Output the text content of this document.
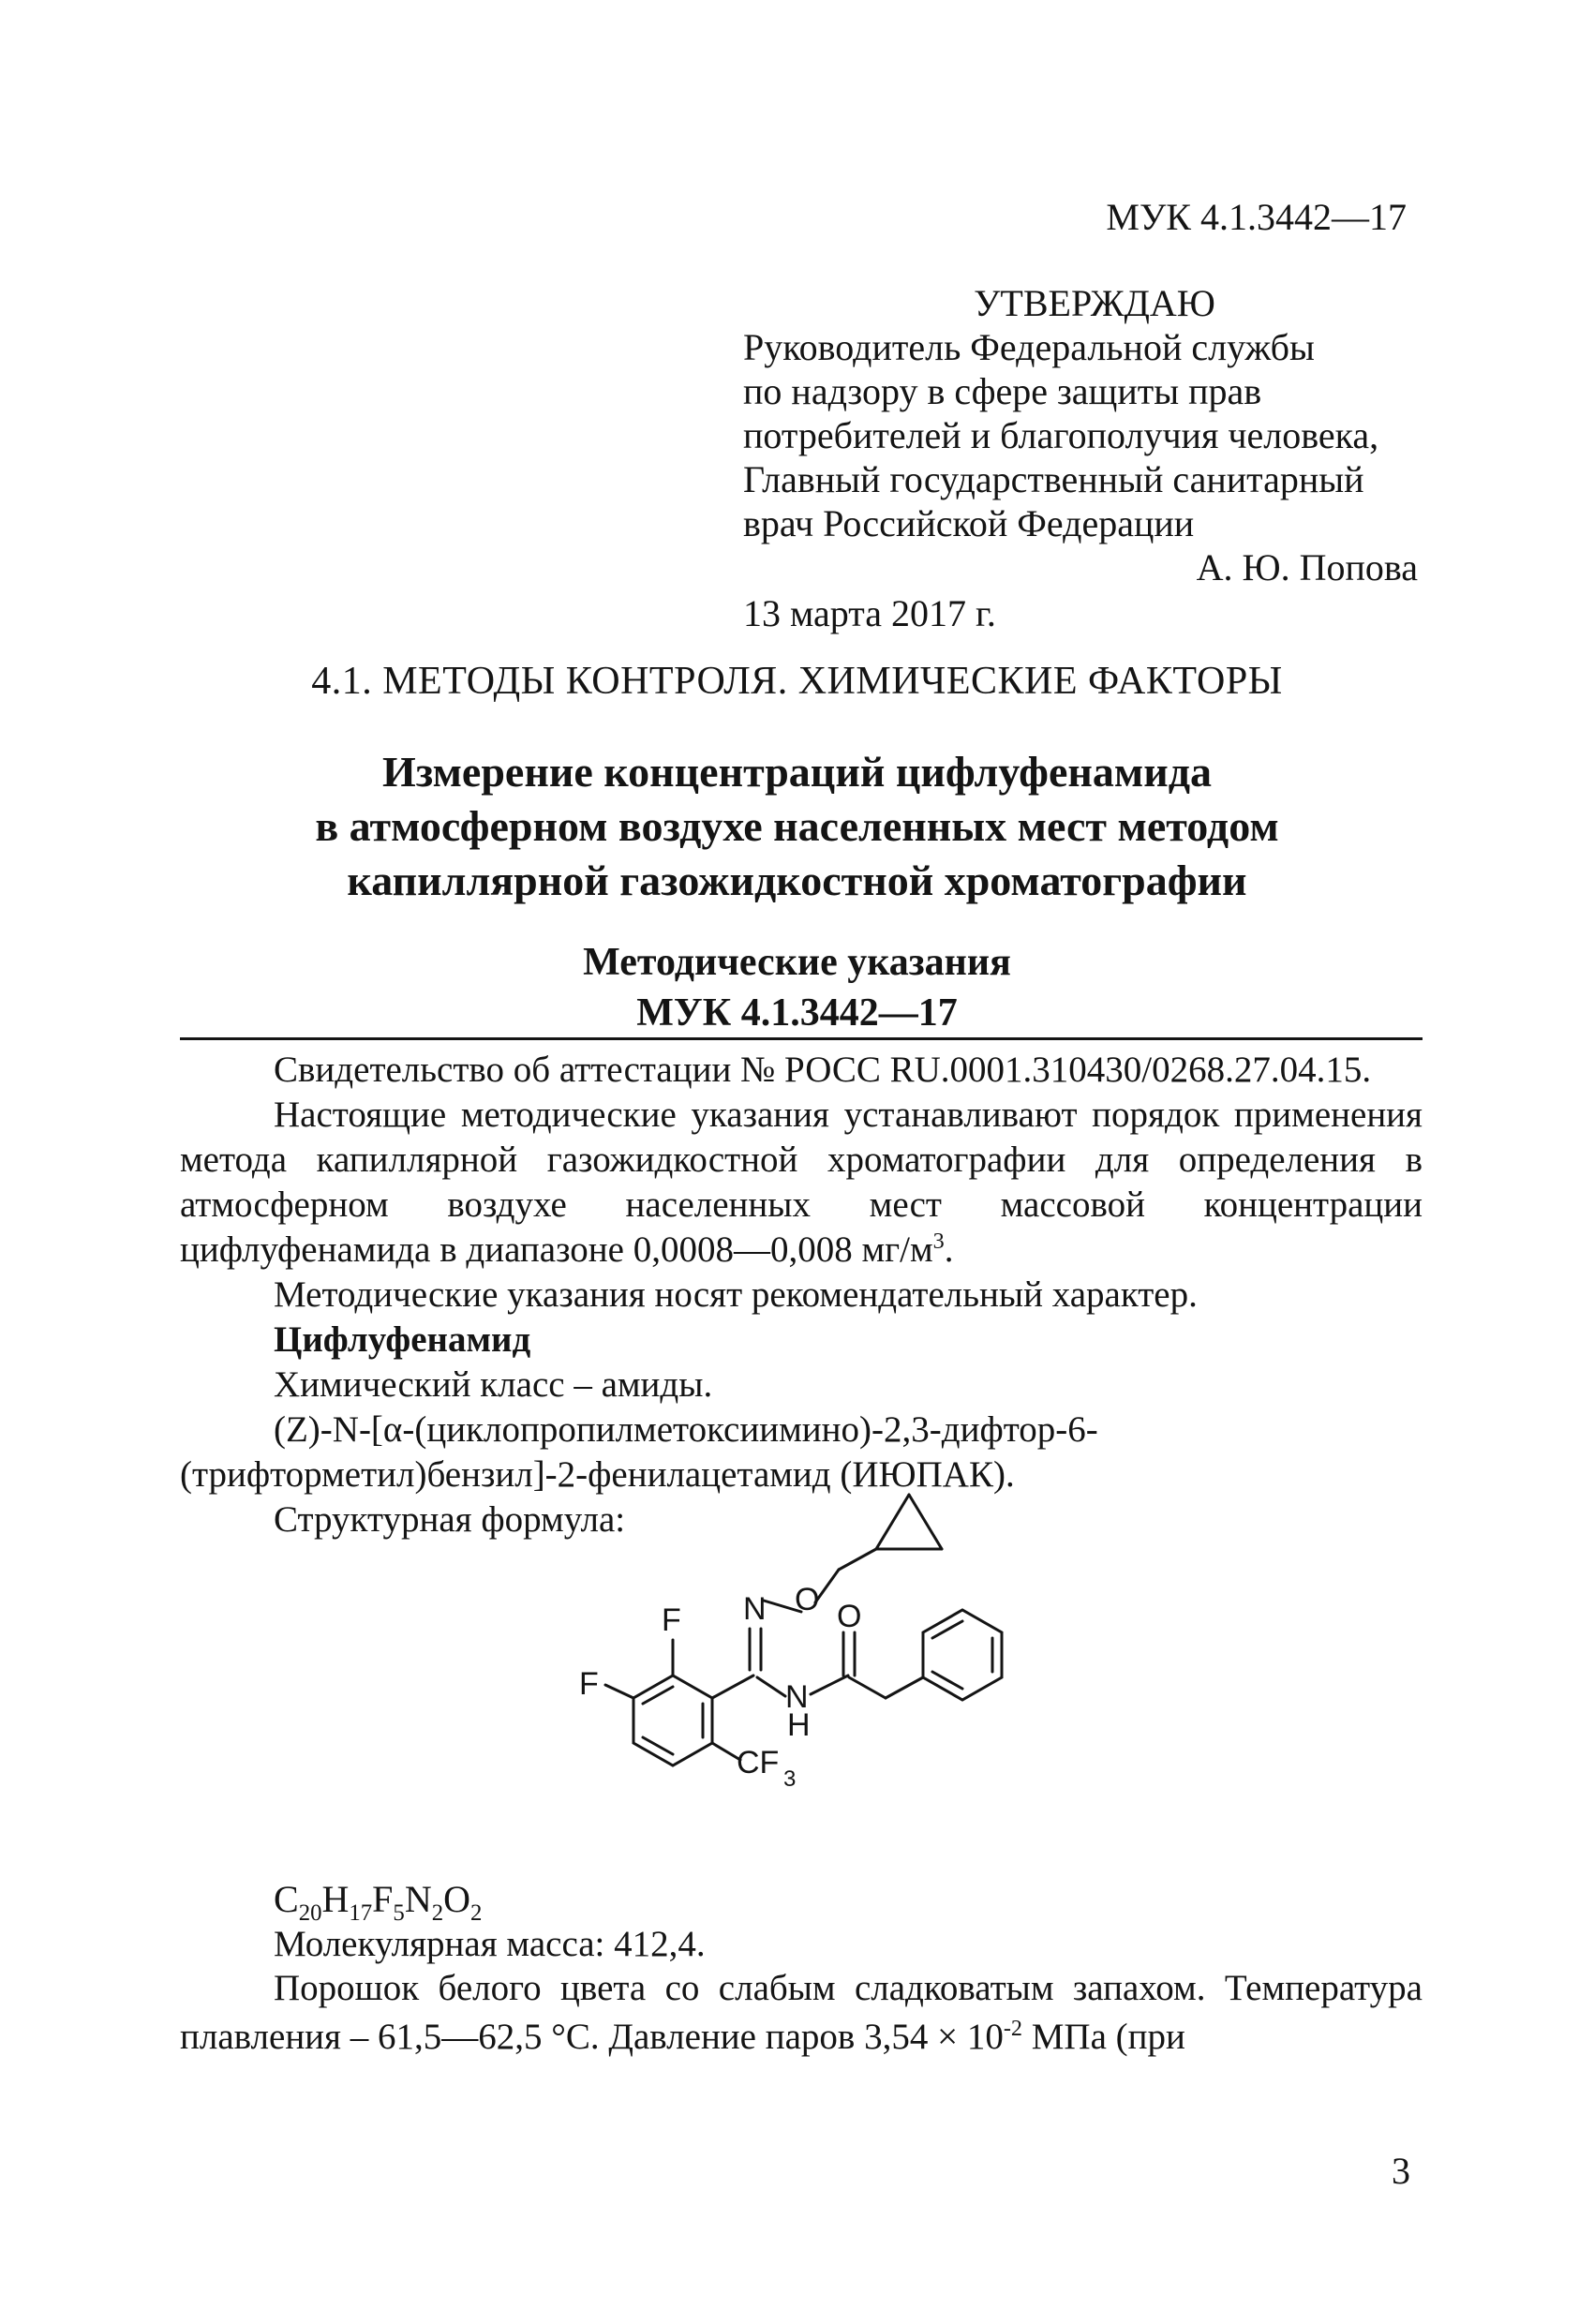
МУК 4.1.3442—17
УТВЕРЖДАЮ
Руководитель Федеральной службы
по надзору в сфере защиты прав
потребителей и благополучия человека,
Главный государственный санитарный
врач Российской Федерации
А. Ю. Попова
13 марта 2017 г.
4.1. МЕТОДЫ КОНТРОЛЯ. ХИМИЧЕСКИЕ ФАКТОРЫ
Измерение концентраций цифлуфенамида
в атмосферном воздухе населенных мест методом
капиллярной газожидкостной хроматографии
Методические указания
МУК 4.1.3442—17

Свидетельство об аттестации № РОСС RU.0001.310430/0268.27.04.15.

Настоящие методические указания устанавливают порядок применения метода капиллярной газожидкостной хроматографии для определения в атмосферном воздухе населенных мест массовой концентрации цифлуфенамида в диапазоне 0,0008—0,008 $мг/м^3$.

Методические указания носят рекомендательный характер.

Цифлуфенамид

Химический класс – амиды.

(Z)-N-[α-(циклопропилметоксиимино)-2,3-дифтор-6-(трифторметил)бензил]-2-фенилацетамид (ИЮПАК).

Структурная формула:

F
F
N O O
N
H
CF 3
$C_{20}H_{17}F_5N_2O_2$
Молекулярная масса: 412,4.

Порошок белого цвета со слабым сладковатым запахом. Температура плавления – 61,5—62,5 °С. Давление паров $3,54 \times 10^{-2}$ МПа (при

3
